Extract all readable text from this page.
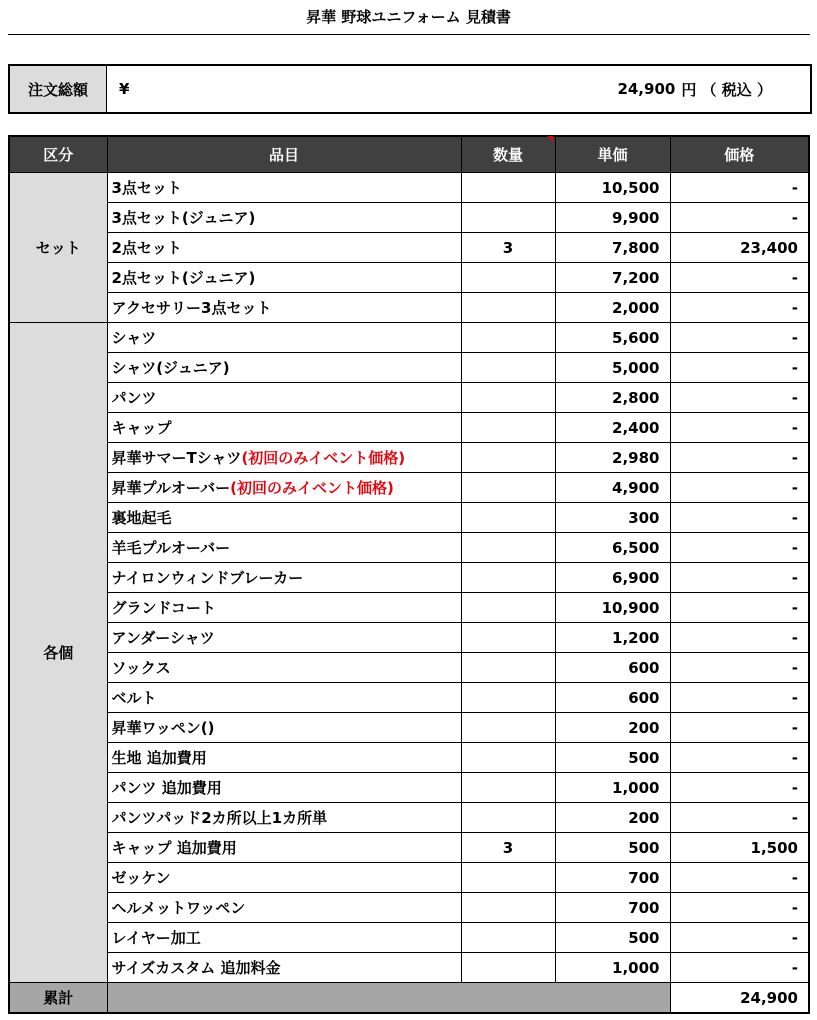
昇華 野球ユニフォーム 見積書
注文総額	¥	24,900 円 （ 税込 ）
区分	品目	数量	単価	価格
セット	3点セット		10,500	-
	3点セット(ジュニア)		9,900	-
	2点セット	3	7,800	23,400
	2点セット(ジュニア)		7,200	-
	アクセサリー3点セット		2,000	-
各個	シャツ		5,600	-
	シャツ(ジュニア)		5,000	-
	パンツ		2,800	-
	キャップ		2,400	-
	昇華サマーTシャツ(初回のみイベント価格)		2,980	-
	昇華プルオーバー(初回のみイベント価格)		4,900	-
	裏地起毛		300	-
	羊毛プルオーバー		6,500	-
	ナイロンウィンドブレーカー		6,900	-
	グランドコート		10,900	-
	アンダーシャツ		1,200	-
	ソックス		600	-
	ベルト		600	-
	昇華ワッペン()		200	-
	生地 追加費用		500	-
	パンツ 追加費用		1,000	-
	パンツパッド2カ所以上1カ所単		200	-
	キャップ 追加費用	3	500	1,500
	ゼッケン		700	-
	ヘルメットワッペン		700	-
	レイヤー加工		500	-
	サイズカスタム 追加料金		1,000	-
累計				24,900
